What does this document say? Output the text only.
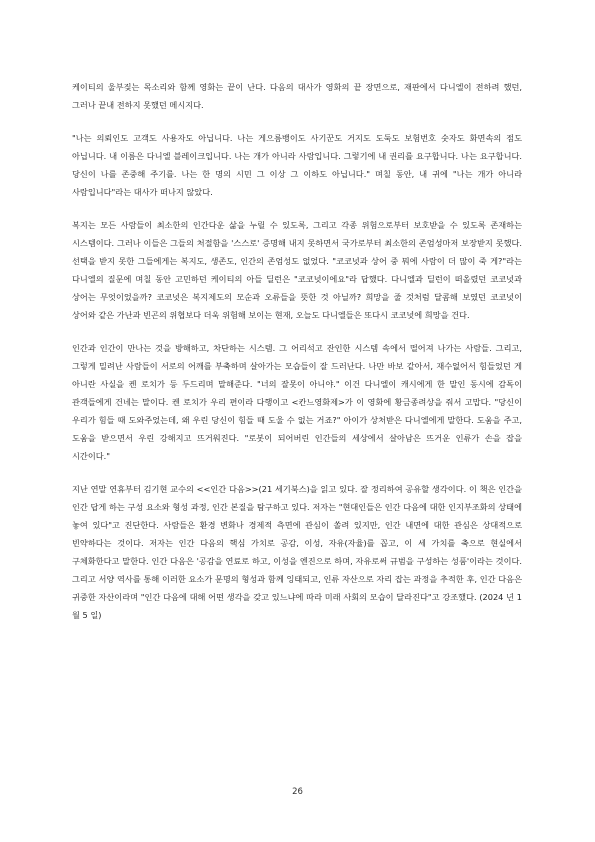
케이티의 울부짖는 목소리와 함께 영화는 끝이 난다. 다음의 대사가 영화의 끝 장면으로, 재판에서 다니엘이 전하려 했던, 그러나 끝내 전하지 못했던 메시지다.

"나는 의뢰인도 고객도 사용자도 아닙니다. 나는 게으름뱅이도 사기꾼도 거지도 도둑도 보험번호 숫자도 화면속의 점도 아닙니다. 내 이름은 다니엘 블레이크입니다. 나는 개가 아니라 사람입니다. 그렇기에 내 권리를 요구합니다. 나는 요구합니다. 당신이 나를 존중해 주기를. 나는 한 명의 시민 그 이상 그 이하도 아닙니다." 며칠 동안, 내 귀에 "나는 개가 아니라 사람입니다"라는 대사가 떠나지 않았다.

복지는 모든 사람들이 최소한의 인간다운 삶을 누릴 수 있도록, 그리고 각종 위험으로부터 보호받을 수 있도록 존재하는 시스템이다. 그러나 이들은 그들의 처절함을 '스스로' 증명해 내지 못하면서 국가로부터 최소한의 존엄성마저 보장받지 못했다. 선택을 받지 못한 그들에게는 복지도, 생존도, 인간의 존엄성도 없었다. "코코넛과 상어 중 뭐에 사람이 더 많이 죽 게?"라는 다니엘의 질문에 며칠 동안 고민하던 케이티의 아들 딜런은 "코코넛이에요"라 답했다. 다니엘과 딜런이 떠올렸던 코코넛과 상어는 무엇이었을까? 코코넛은 복지제도의 모순과 오류들을 뜻한 것 아닐까? 희망을 줄 것처럼 달콤해 보였던 코코넛이 상어와 같은 가난과 빈곤의 위협보다 더욱 위험해 보이는 현재, 오늘도 다니엘들은 또다시 코코넛에 희망을 건다.

인간과 인간이 만나는 것을 방해하고, 차단하는 시스템. 그 어리석고 잔인한 시스템 속에서 떨어져 나가는 사람들. 그리고, 그렇게 밀려난 사람들이 서로의 어깨를 부축하며 살아가는 모습들이 잘 드러난다. 나만 바보 같아서, 재수없어서 힘들었던 게 아니란 사실을 켄 로치가 등 두드리며 말해준다. "너의 잘못이 아니야." 이건 다니엘이 캐시에게 한 말인 동시에 감독이 관객들에게 건네는 말이다. 켄 로치가 우리 편이라 다행이고 <칸느영화제>가 이 영화에 황금종려상을 줘서 고맙다. "당신이 우리가 힘들 때 도와주었는데, 왜 우린 당신이 힘들 때 도울 수 없는 거죠?" 아이가 상처받은 다니엘에게 말한다. 도움을 주고, 도움을 받으면서 우린 강해지고 뜨거워진다. "로봇이 되어버린 인간들의 세상에서 살아남은 뜨거운 인류가 손을 잡을 시간이다."

지난 연말 연휴부터 김기현 교수의 <<인간 다음>>(21 세기북스)을 읽고 있다. 잘 정리하여 공유할 생각이다. 이 책은 인간을 인간 답게 하는 구성 요소와 형성 과정, 인간 본질을 탐구하고 있다. 저자는 "현대인들은 인간 다음에 대한 인지부조화의 상태에 놓여 있다"고 진단한다. 사람들은 환경 변화나 경제적 측면에 관심이 쏠려 있지만, 인간 내면에 대한 관심은 상대적으로 빈약하다는 것이다. 저자는 인간 다음의 핵심 가치로 공감, 이성, 자유(자율)를 꼽고, 이 세 가치를 축으로 현실에서 구체화한다고 말한다. 인간 다음은 '공감을 연료로 하고, 이성을 엔진으로 하며, 자유로써 규범을 구성하는 성품'이라는 것이다. 그리고 서양 역사를 통해 이러한 요소가 문명의 형성과 함께 잉태되고, 인류 자산으로 자리 잡는 과정을 추적한 후, 인간 다음은 귀중한 자산이라며 "인간 다음에 대해 어떤 생각을 갖고 있느냐에 따라 미래 사회의 모습이 달라진다"고 강조했다. (2024 년 1 월 5 일)

26
